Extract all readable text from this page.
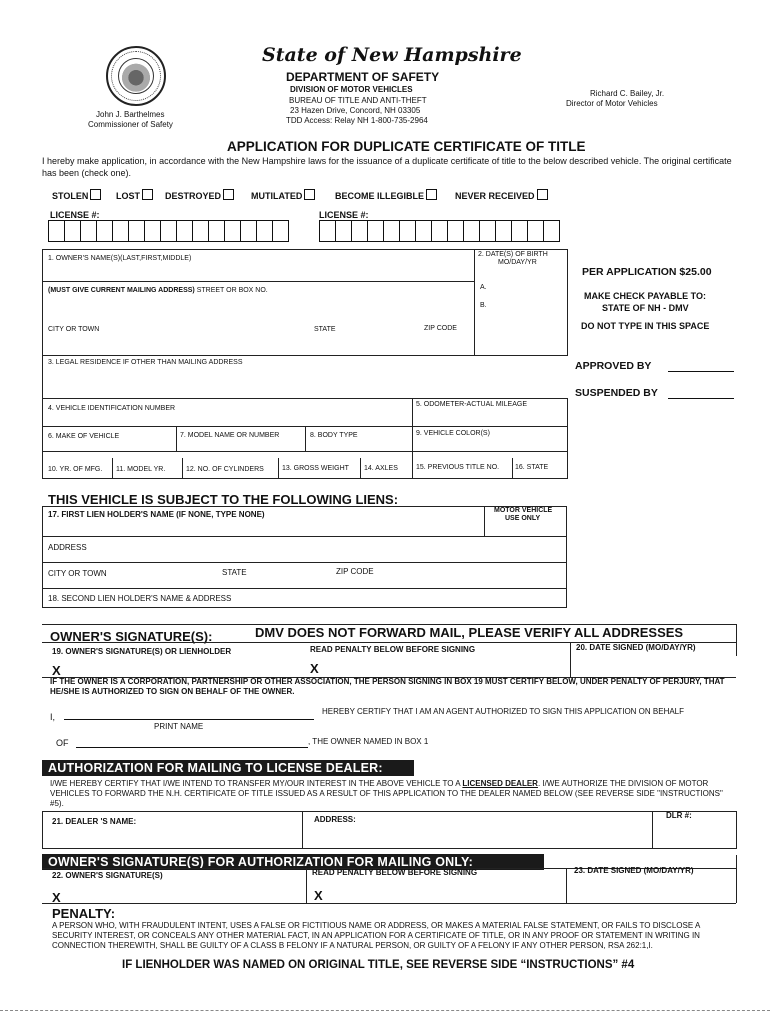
State of New Hampshire
DEPARTMENT OF SAFETY
DIVISION OF MOTOR VEHICLES
BUREAU OF TITLE AND ANTI-THEFT
23 Hazen Drive, Concord, NH 03305
TDD Access: Relay NH 1-800-735-2964
John J. Barthelmes
Commissioner of Safety
Richard C. Bailey, Jr.
Director of Motor Vehicles
APPLICATION FOR DUPLICATE CERTIFICATE OF TITLE
I hereby make application, in accordance with the New Hampshire laws for the issuance of a duplicate certificate of title to the below described vehicle. The original certificate has been (check one).
STOLEN	LOST	DESTROYED	MUTILATED	BECOME ILLEGIBLE	NEVER RECEIVED
LICENSE #:	LICENSE #:
1. OWNER'S NAME(S)(LAST,FIRST,MIDDLE)
2. DATE(S) OF BIRTH
MO/DAY/YR
A.
B.
(MUST GIVE CURRENT MAILING ADDRESS) STREET OR BOX NO.
CITY OR TOWN	STATE	ZIP CODE
3. LEGAL RESIDENCE IF OTHER THAN MAILING ADDRESS
4. VEHICLE IDENTIFICATION NUMBER
5. ODOMETER-ACTUAL MILEAGE
6. MAKE OF VEHICLE	7. MODEL NAME OR NUMBER	8. BODY TYPE	9. VEHICLE COLOR(S)
10. YR. OF MFG. 11. MODEL YR.	12. NO. OF CYLINDERS	13. GROSS WEIGHT 14. AXLES	15. PREVIOUS TITLE NO. 16. STATE
PER APPLICATION $25.00
MAKE CHECK PAYABLE TO:
STATE OF NH - DMV
DO NOT TYPE IN THIS SPACE
APPROVED BY
SUSPENDED BY
THIS VEHICLE IS SUBJECT TO THE FOLLOWING LIENS:
17. FIRST LIEN HOLDER'S NAME (IF NONE, TYPE NONE)	MOTOR VEHICLE
USE ONLY
ADDRESS
CITY OR TOWN	STATE	ZIP CODE
18. SECOND LIEN HOLDER'S NAME & ADDRESS
OWNER'S SIGNATURE(S):	DMV DOES NOT FORWARD MAIL, PLEASE VERIFY ALL ADDRESSES
19. OWNER'S SIGNATURE(S) OR LIENHOLDER	READ PENALTY BELOW BEFORE SIGNING	20. DATE SIGNED (MO/DAY/YR)
X	X
IF THE OWNER IS A CORPORATION, PARTNERSHIP OR OTHER ASSOCIATION, THE PERSON SIGNING IN BOX 19 MUST CERTIFY BELOW, UNDER PENALTY OF PERJURY, THAT HE/SHE IS AUTHORIZED TO SIGN ON BEHALF OF THE OWNER.
I,
HEREBY CERTIFY THAT I AM AN AGENT AUTHORIZED TO SIGN THIS APPLICATION ON BEHALF
PRINT NAME
OF	, THE OWNER NAMED IN BOX 1
AUTHORIZATION FOR MAILING TO LICENSE DEALER:
I/WE HEREBY CERTIFY THAT I/WE INTEND TO TRANSFER MY/OUR INTEREST IN THE ABOVE VEHICLE TO A LICENSED DEALER. I/WE AUTHORIZE THE DIVISION OF MOTOR VEHICLES TO FORWARD THE N.H. CERTIFICATE OF TITLE ISSUED AS A RESULT OF THIS APPLICATION TO THE DEALER NAMED BELOW (SEE REVERSE SIDE "INSTRUCTIONS" #5).
21. DEALER 'S NAME:	ADDRESS:	DLR #:
OWNER'S SIGNATURE(S) FOR AUTHORIZATION FOR MAILING ONLY:
22. OWNER'S SIGNATURE(S)	READ PENALTY BELOW BEFORE SIGNING	23. DATE SIGNED (MO/DAY/YR)
X	X
PENALTY:
A PERSON WHO, WITH FRAUDULENT INTENT, USES A FALSE OR FICTITIOUS NAME OR ADDRESS, OR MAKES A MATERIAL FALSE STATEMENT, OR FAILS TO DISCLOSE A SECURITY INTEREST, OR CONCEALS ANY OTHER MATERIAL FACT, IN AN APPLICATION FOR A CERTIFICATE OF TITLE, OR IN ANY PROOF OR STATEMENT IN WRITING IN CONNECTION THEREWITH, SHALL BE GUILTY OF A CLASS B FELONY IF A NATURAL PERSON, OR GUILTY OF A FELONY IF ANY OTHER PERSON, RSA 262:1,I.
IF LIENHOLDER WAS NAMED ON ORIGINAL TITLE, SEE REVERSE SIDE “INSTRUCTIONS” #4
